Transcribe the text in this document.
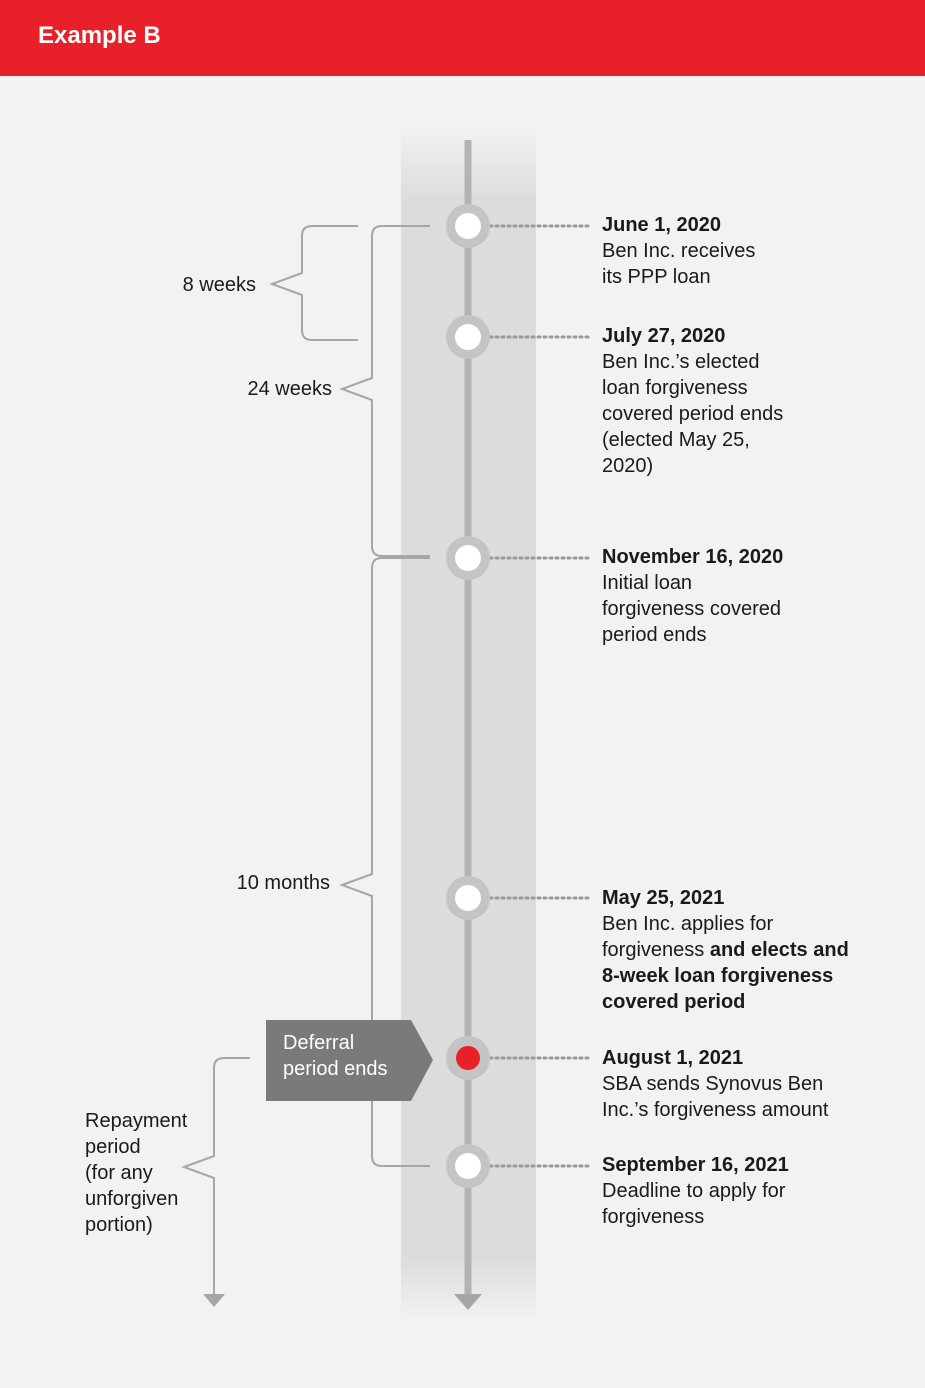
Example B
June 1, 2020
Ben Inc. receives
its PPP loan
July 27, 2020
Ben Inc.’s elected
loan forgiveness
covered period ends
(elected May 25,
2020)
November 16, 2020
Initial loan
forgiveness covered
period ends
May 25, 2021
Ben Inc. applies for
forgiveness and elects and
8-week loan forgiveness
covered period
August 1, 2021
SBA sends Synovus Ben
Inc.’s forgiveness amount
September 16, 2021
Deadline to apply for
forgiveness
8 weeks
24 weeks
10 months
Deferral
period ends
Repayment
period
(for any
unforgiven
portion)
